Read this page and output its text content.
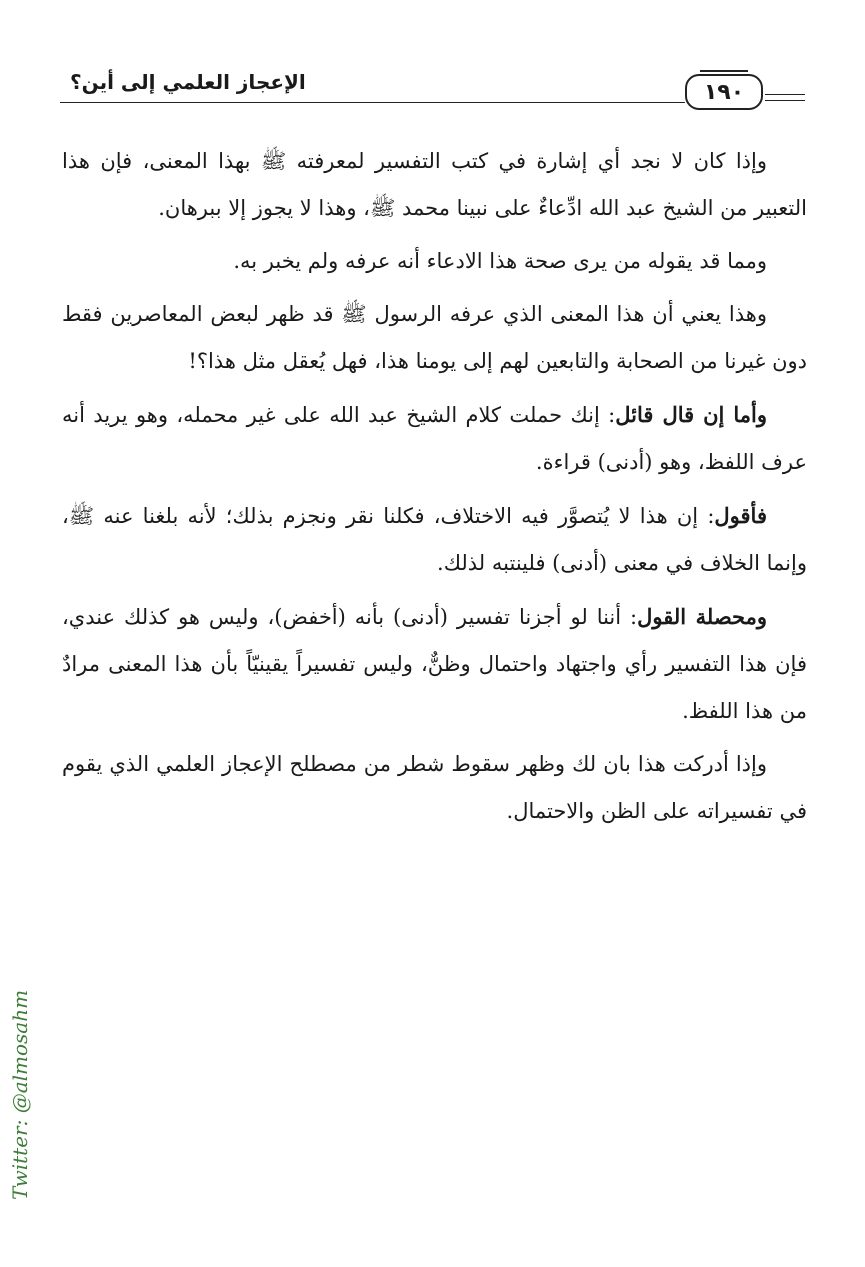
الإعجاز العلمي إلى أين؟	١٩٠

وإذا كان لا نجد أي إشارة في كتب التفسير لمعرفته ﷺ بهذا المعنى، فإن هذا التعبير من الشيخ عبد الله ادِّعاءٌ على نبينا محمد ﷺ، وهذا لا يجوز إلا ببرهان.

ومما قد يقوله من يرى صحة هذا الادعاء أنه عرفه ولم يخبر به.

وهذا يعني أن هذا المعنى الذي عرفه الرسول ﷺ قد ظهر لبعض المعاصرين فقط دون غيرنا من الصحابة والتابعين لهم إلى يومنا هذا، فهل يُعقل مثل هذا؟!

وأما إن قال قائل: إنك حملت كلام الشيخ عبد الله على غير محمله، وهو يريد أنه عرف اللفظ، وهو (أدنى) قراءة.

فأقول: إن هذا لا يُتصوَّر فيه الاختلاف، فكلنا نقر ونجزم بذلك؛ لأنه بلغنا عنه ﷺ، وإنما الخلاف في معنى (أدنى) فلينتبه لذلك.

ومحصلة القول: أننا لو أجزنا تفسير (أدنى) بأنه (أخفض)، وليس هو كذلك عندي، فإن هذا التفسير رأي واجتهاد واحتمال وظنٌّ، وليس تفسيراً يقينيّاً بأن هذا المعنى مرادٌ من هذا اللفظ.

وإذا أدركت هذا بان لك وظهر سقوط شطر من مصطلح الإعجاز العلمي الذي يقوم في تفسيراته على الظن والاحتمال.

Twitter: @almosahm
